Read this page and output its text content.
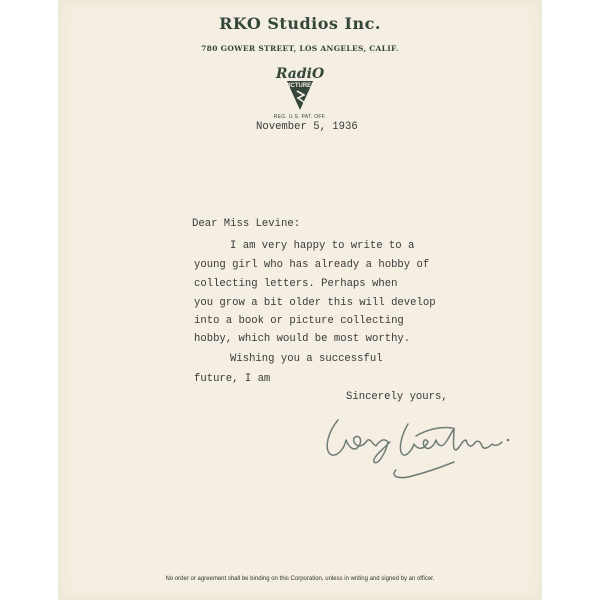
RKO Studios Inc.
780 GOWER STREET, LOS ANGELES, CALIF.
RadiO
PICTURES
REG. U.S. PAT. OFF.
November 5, 1936
Dear Miss Levine:
I am very happy to write to a
young girl who has already a hobby of
collecting letters. Perhaps when
you grow a bit older this will develop
into a book or picture collecting
hobby, which would be most worthy.
Wishing you a successful
future, I am
Sincerely yours,
No order or agreement shall be binding on this Corporation, unless in writing and signed by an officer.
